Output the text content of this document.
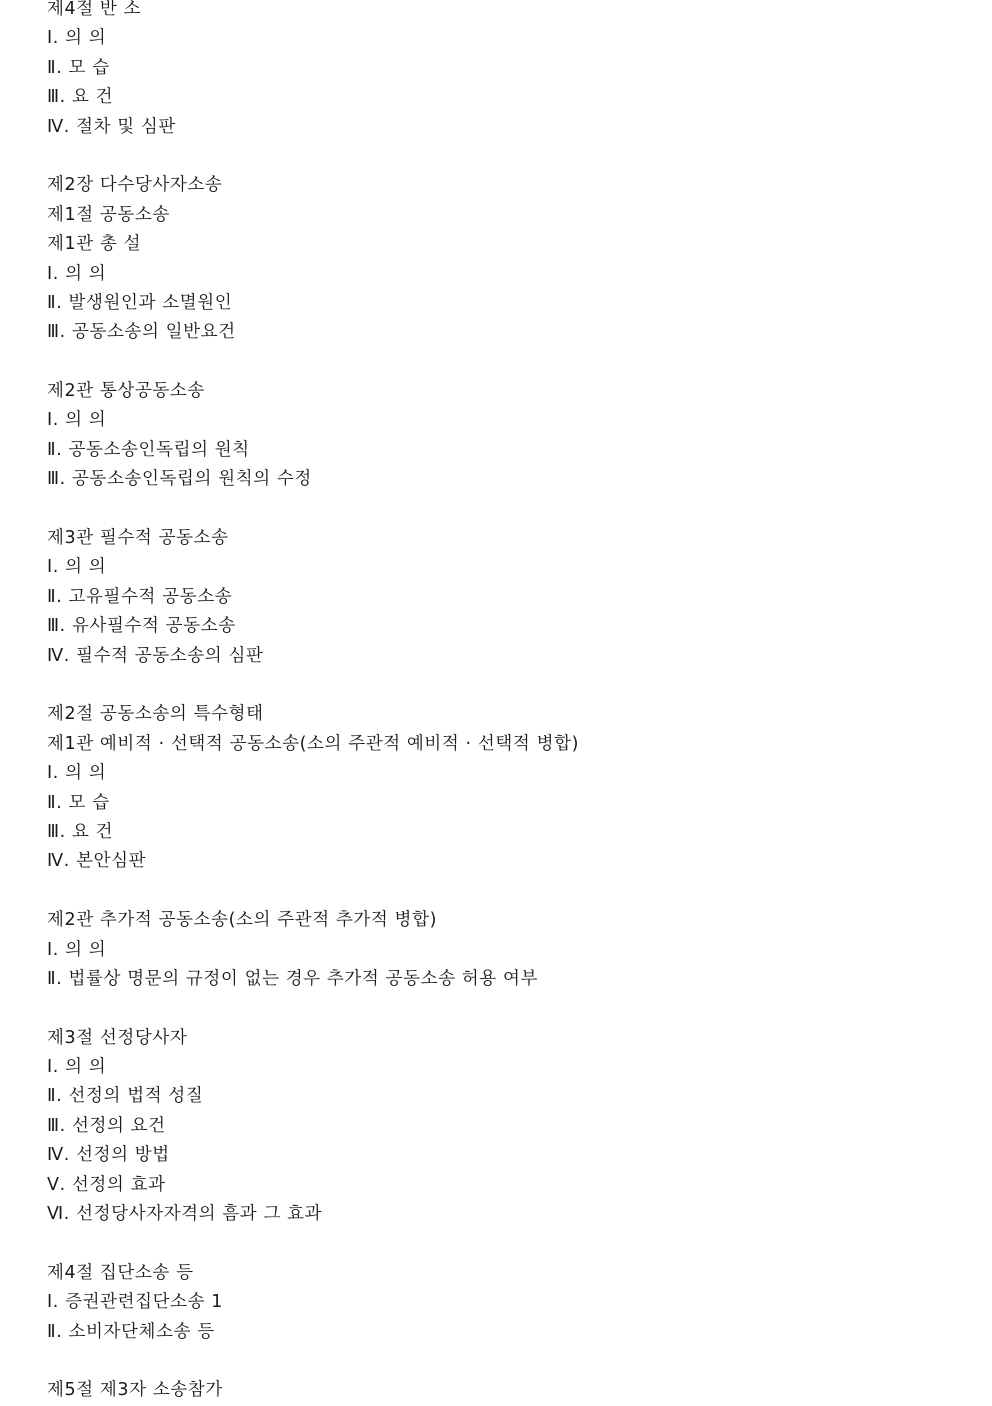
제4절 반 소
Ⅰ. 의 의
Ⅱ. 모 습
Ⅲ. 요 건
Ⅳ. 절차 및 심판
제2장 다수당사자소송
제1절 공동소송
제1관 총 설
Ⅰ. 의 의
Ⅱ. 발생원인과 소멸원인
Ⅲ. 공동소송의 일반요건
제2관 통상공동소송
Ⅰ. 의 의
Ⅱ. 공동소송인독립의 원칙
Ⅲ. 공동소송인독립의 원칙의 수정
제3관 필수적 공동소송
Ⅰ. 의 의
Ⅱ. 고유필수적 공동소송
Ⅲ. 유사필수적 공동소송
Ⅳ. 필수적 공동소송의 심판
제2절 공동소송의 특수형태
제1관 예비적 · 선택적 공동소송(소의 주관적 예비적 · 선택적 병합)
Ⅰ. 의 의
Ⅱ. 모 습
Ⅲ. 요 건
Ⅳ. 본안심판
제2관 추가적 공동소송(소의 주관적 추가적 병합)
Ⅰ. 의 의
Ⅱ. 법률상 명문의 규정이 없는 경우 추가적 공동소송 허용 여부
제3절 선정당사자
Ⅰ. 의 의
Ⅱ. 선정의 법적 성질
Ⅲ. 선정의 요건
Ⅳ. 선정의 방법
Ⅴ. 선정의 효과
Ⅵ. 선정당사자자격의 흠과 그 효과
제4절 집단소송 등
Ⅰ. 증권관련집단소송 1
Ⅱ. 소비자단체소송 등
제5절 제3자 소송참가
